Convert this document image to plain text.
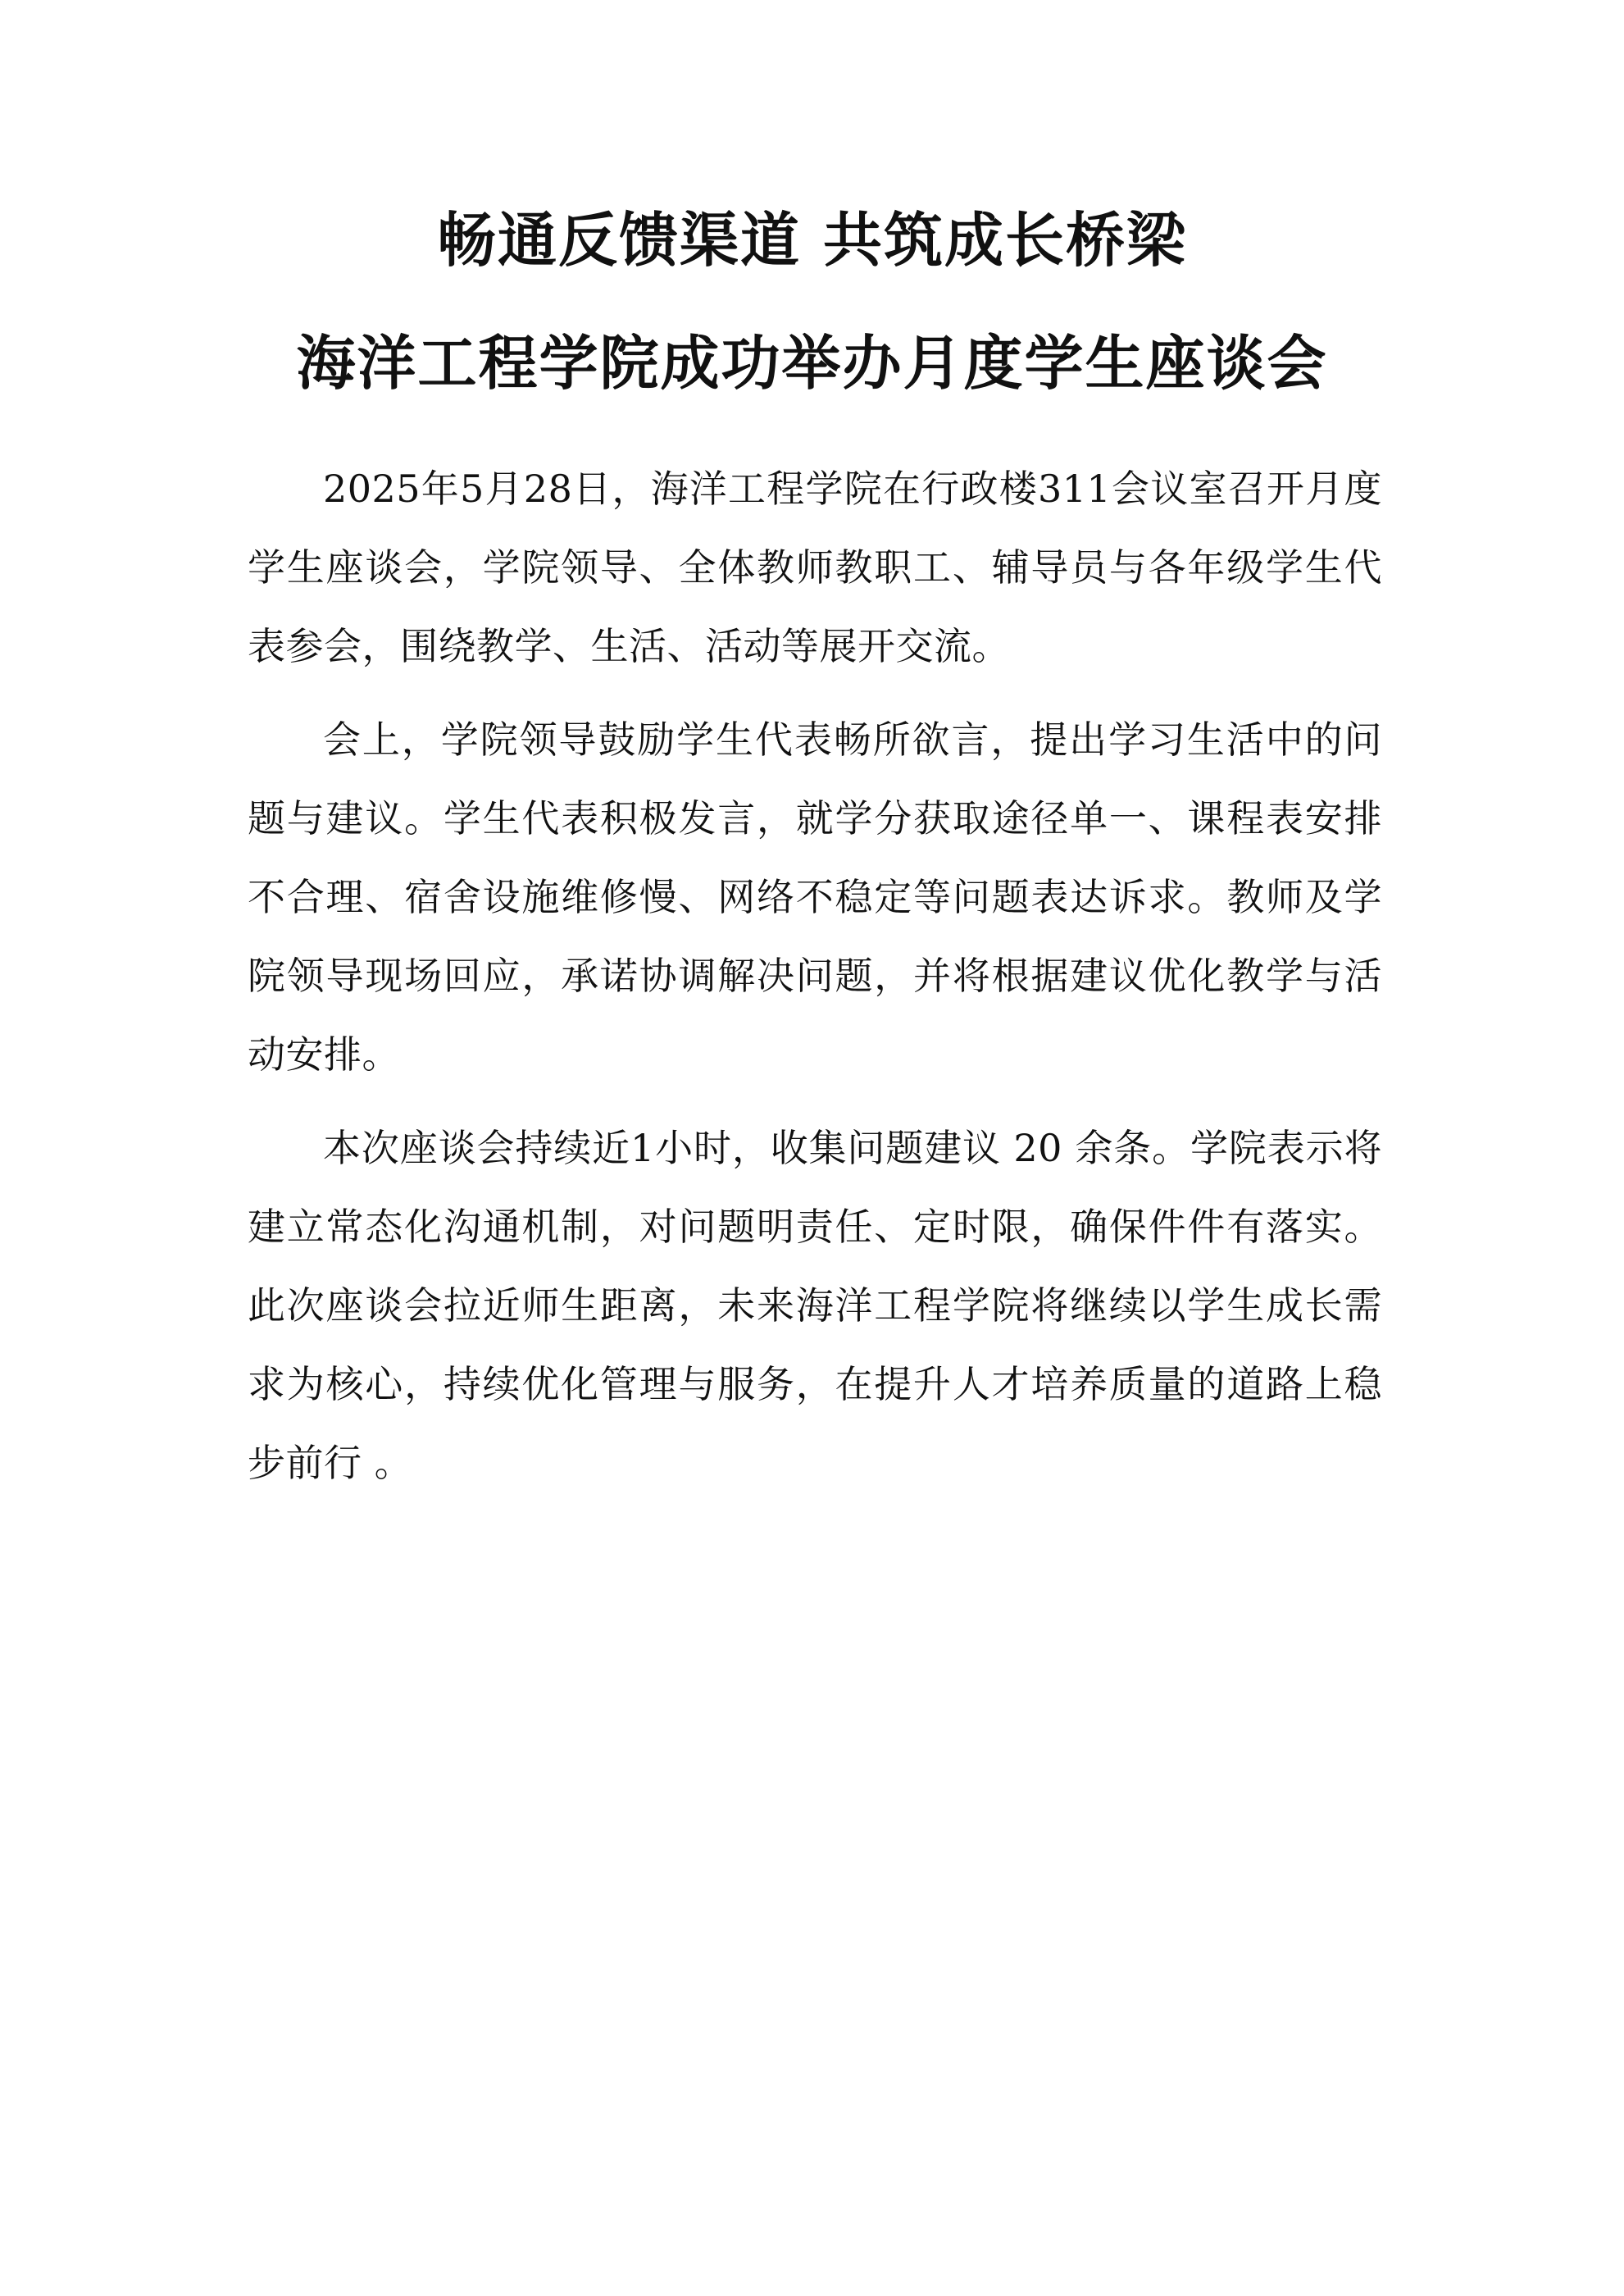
畅通反馈渠道 共筑成长桥梁
海洋工程学院成功举办月度学生座谈会

2025年5月28日，海洋工程学院在行政楼311会议室召开月度学生座谈会，学院领导、全体教师教职工、辅导员与各年级学生代表参会，围绕教学、生活、活动等展开交流。

会上，学院领导鼓励学生代表畅所欲言，提出学习生活中的问题与建议。学生代表积极发言，就学分获取途径单一、课程表安排不合理、宿舍设施维修慢、网络不稳定等问题表达诉求。教师及学院领导现场回应，承诺协调解决问题，并将根据建议优化教学与活动安排。

本次座谈会持续近1小时，收集问题建议 20 余条。学院表示将建立常态化沟通机制，对问题明责任、定时限，确保件件有落实。此次座谈会拉近师生距离，未来海洋工程学院将继续以学生成长需求为核心，持续优化管理与服务，在提升人才培养质量的道路上稳步前行 。
